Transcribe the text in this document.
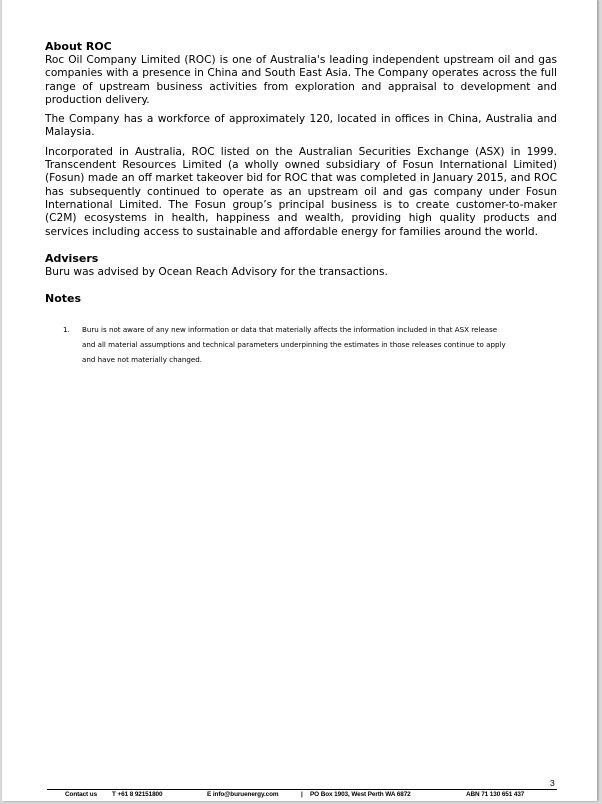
About ROC

Roc Oil Company Limited (ROC) is one of Australia's leading independent upstream oil and gas companies with a presence in China and South East Asia. The Company operates across the full range of upstream business activities from exploration and appraisal to development and production delivery.

The Company has a workforce of approximately 120, located in offices in China, Australia and Malaysia.

Incorporated in Australia, ROC listed on the Australian Securities Exchange (ASX) in 1999. Transcendent Resources Limited (a wholly owned subsidiary of Fosun International Limited) (Fosun) made an off market takeover bid for ROC that was completed in January 2015, and ROC has subsequently continued to operate as an upstream oil and gas company under Fosun International Limited. The Fosun group’s principal business is to create customer-to-maker (C2M) ecosystems in health, happiness and wealth, providing high quality products and services including access to sustainable and affordable energy for families around the world.

Advisers

Buru was advised by Ocean Reach Advisory for the transactions.

Notes
1.	Buru is not aware of any new information or data that materially affects the information included in that ASX release
and all material assumptions and technical parameters underpinning the estimates in those releases continue to apply
and have not materially changed.
3
Contact us T +61 8 92151800	E info@buruenergy.com	| PO Box 1903, West Perth WA 6872	ABN 71 130 651 437
